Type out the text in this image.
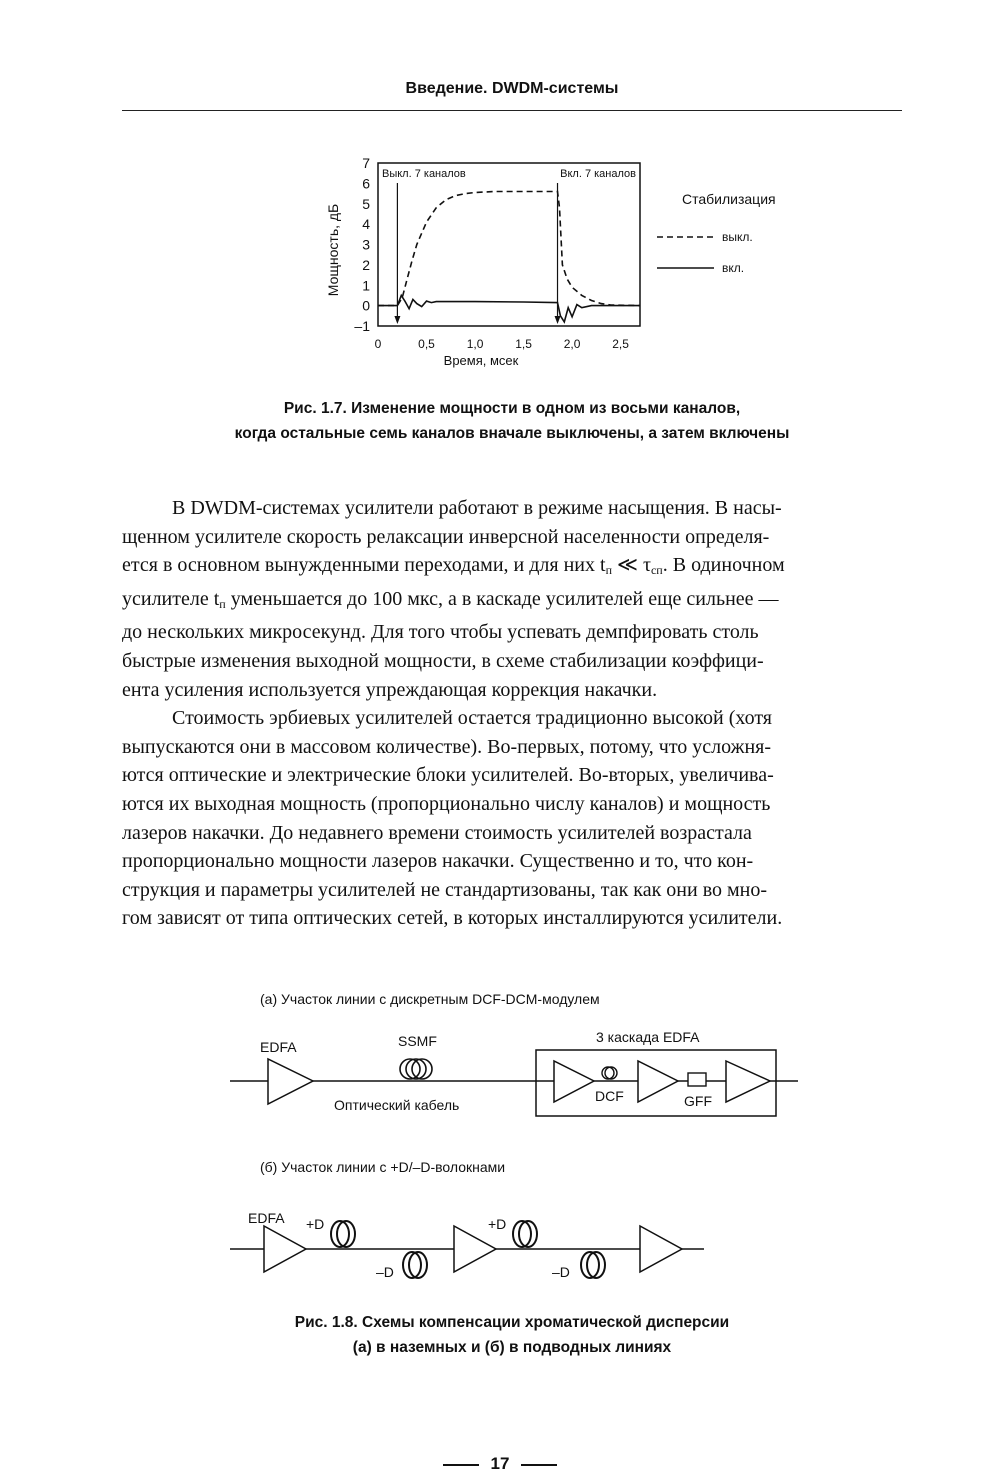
Введение. DWDM-системы
Мощность, дБ
7
6
5
4
3
2
1
0
–1
0	0,5	1,0	1,5	2,0	2,5
Выкл. 7 каналов	Вкл. 7 каналов
Время, мсек
Стабилизация
выкл.
вкл.
Рис. 1.7. Изменение мощности в одном из восьми каналов,
когда остальные семь каналов вначале выключены, а затем включены

В DWDM-системах усилители работают в режиме насыщения. В насы-
щенном усилителе скорость релаксации инверсной населенности определя-
ется в основном вынужденными переходами, и для них $t_п$ ≪ $\tau_{сп}$. В одиночном
усилителе $t_п$ уменьшается до 100 мкс, а в каскаде усилителей еще сильнее —
до нескольких микросекунд. Для того чтобы успевать демпфировать столь
быстрые изменения выходной мощности, в схеме стабилизации коэффици-
ента усиления используется упреждающая коррекция накачки.

Стоимость эрбиевых усилителей остается традиционно высокой (хотя
выпускаются они в массовом количестве). Во-первых, потому, что усложня-
ются оптические и электрические блоки усилителей. Во-вторых, увеличива-
ются их выходная мощность (пропорционально числу каналов) и мощность
лазеров накачки. До недавнего времени стоимость усилителей возрастала
пропорционально мощности лазеров накачки. Существенно и то, что кон-
струкция и параметры усилителей не стандартизованы, так как они во мно-
гом зависят от типа оптических сетей, в которых инсталлируются усилители.

(а) Участок линии с дискретным DCF-DCM-модулем
EDFA	SSMF	3 каскада EDFA
Оптический кабель
DCF	GFF
(б) Участок линии с +D/–D-волокнами
EDFA +D
–D
+D
–D
Рис. 1.8. Схемы компенсации хроматической дисперсии
(а) в наземных и (б) в подводных линиях
17
